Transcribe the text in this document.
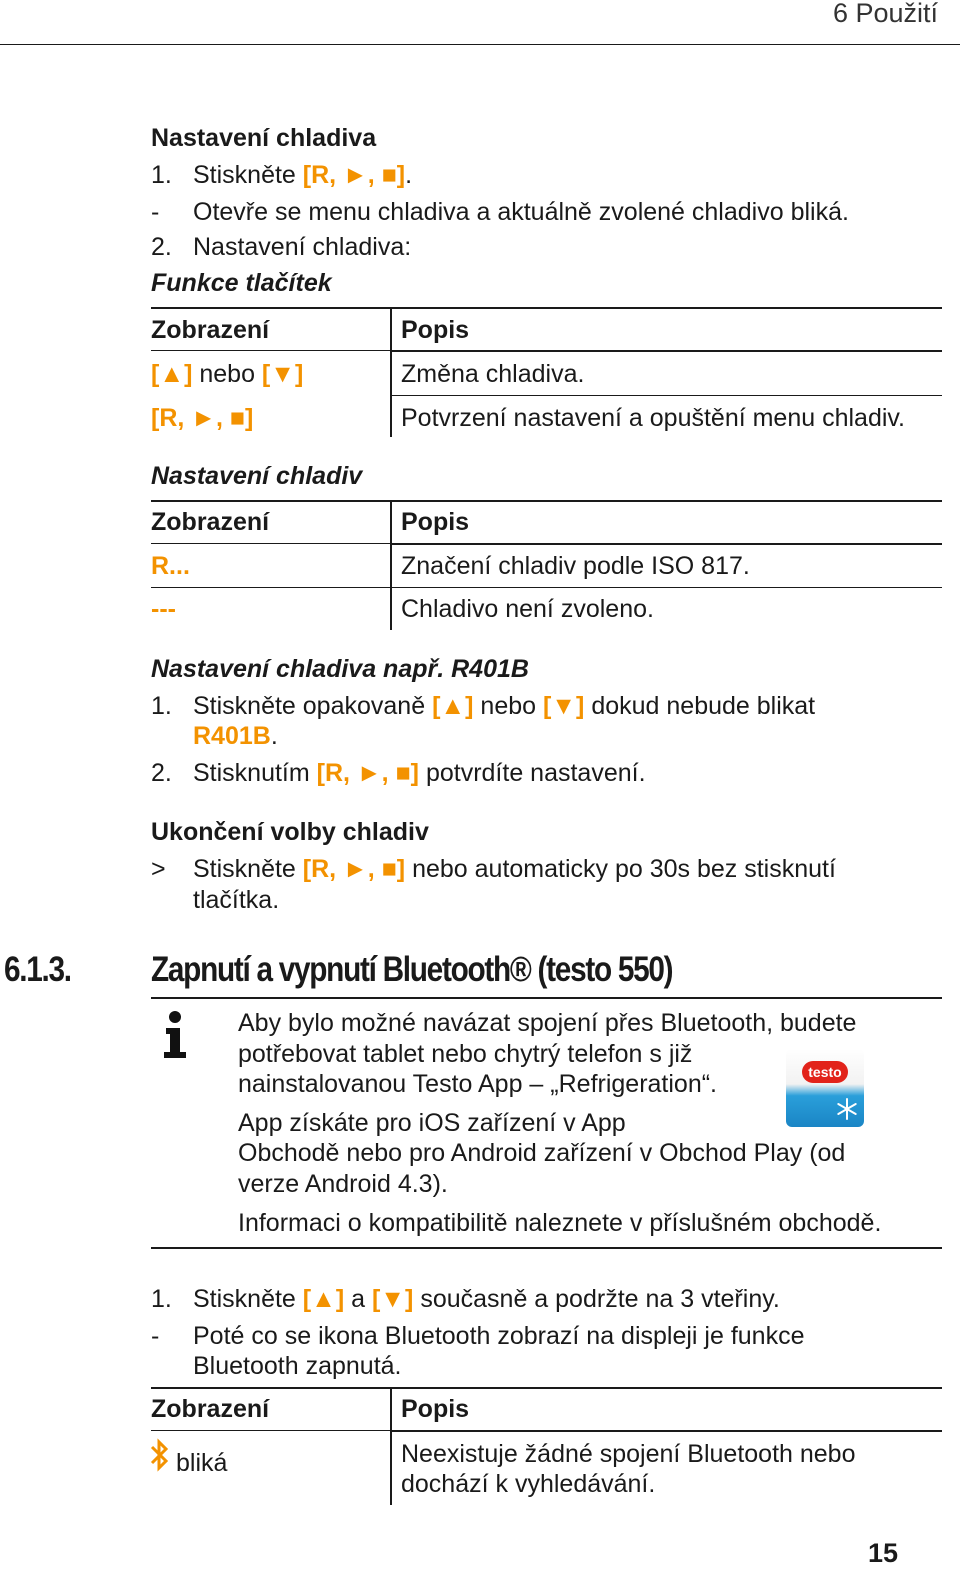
6 Použití
Nastavení chladiva
1. Stiskněte [R, ►, ■].
- Otevře se menu chladiva a aktuálně zvolené chladivo bliká.
2. Nastavení chladiva:
Funkce tlačítek
Zobrazení	Popis
[▲] nebo [▼]	Změna chladiva.
[R, ►, ■]	Potvrzení nastavení a opuštění menu chladiv.
Nastavení chladiv
Zobrazení	Popis
R...	Značení chladiv podle ISO 817.
---	Chladivo není zvoleno.
Nastavení chladiva např. R401B
1. Stiskněte opakovaně [▲] nebo [▼] dokud nebude blikat
R401B.
2. Stisknutím [R, ►, ■] potvrdíte nastavení.
Ukončení volby chladiv
> Stiskněte [R, ►, ■] nebo automaticky po 30s bez stisknutí
tlačítka.
6.1.3. Zapnutí a vypnutí Bluetooth® (testo 550)
Aby bylo možné navázat spojení přes Bluetooth, budete
potřebovat tablet nebo chytrý telefon s již
nainstalovanou Testo App – „Refrigeration“.
App získáte pro iOS zařízení v App
Obchodě nebo pro Android zařízení v Obchod Play (od
verze Android 4.3).
Informaci o kompatibilitě naleznete v příslušném obchodě.
testo
1. Stiskněte [▲] a [▼] současně a podržte na 3 vteřiny.
- Poté co se ikona Bluetooth zobrazí na displeji je funkce
Bluetooth zapnutá.
Zobrazení	Popis
bliká	Neexistuje žádné spojení Bluetooth nebo
dochází k vyhledávání.
15
